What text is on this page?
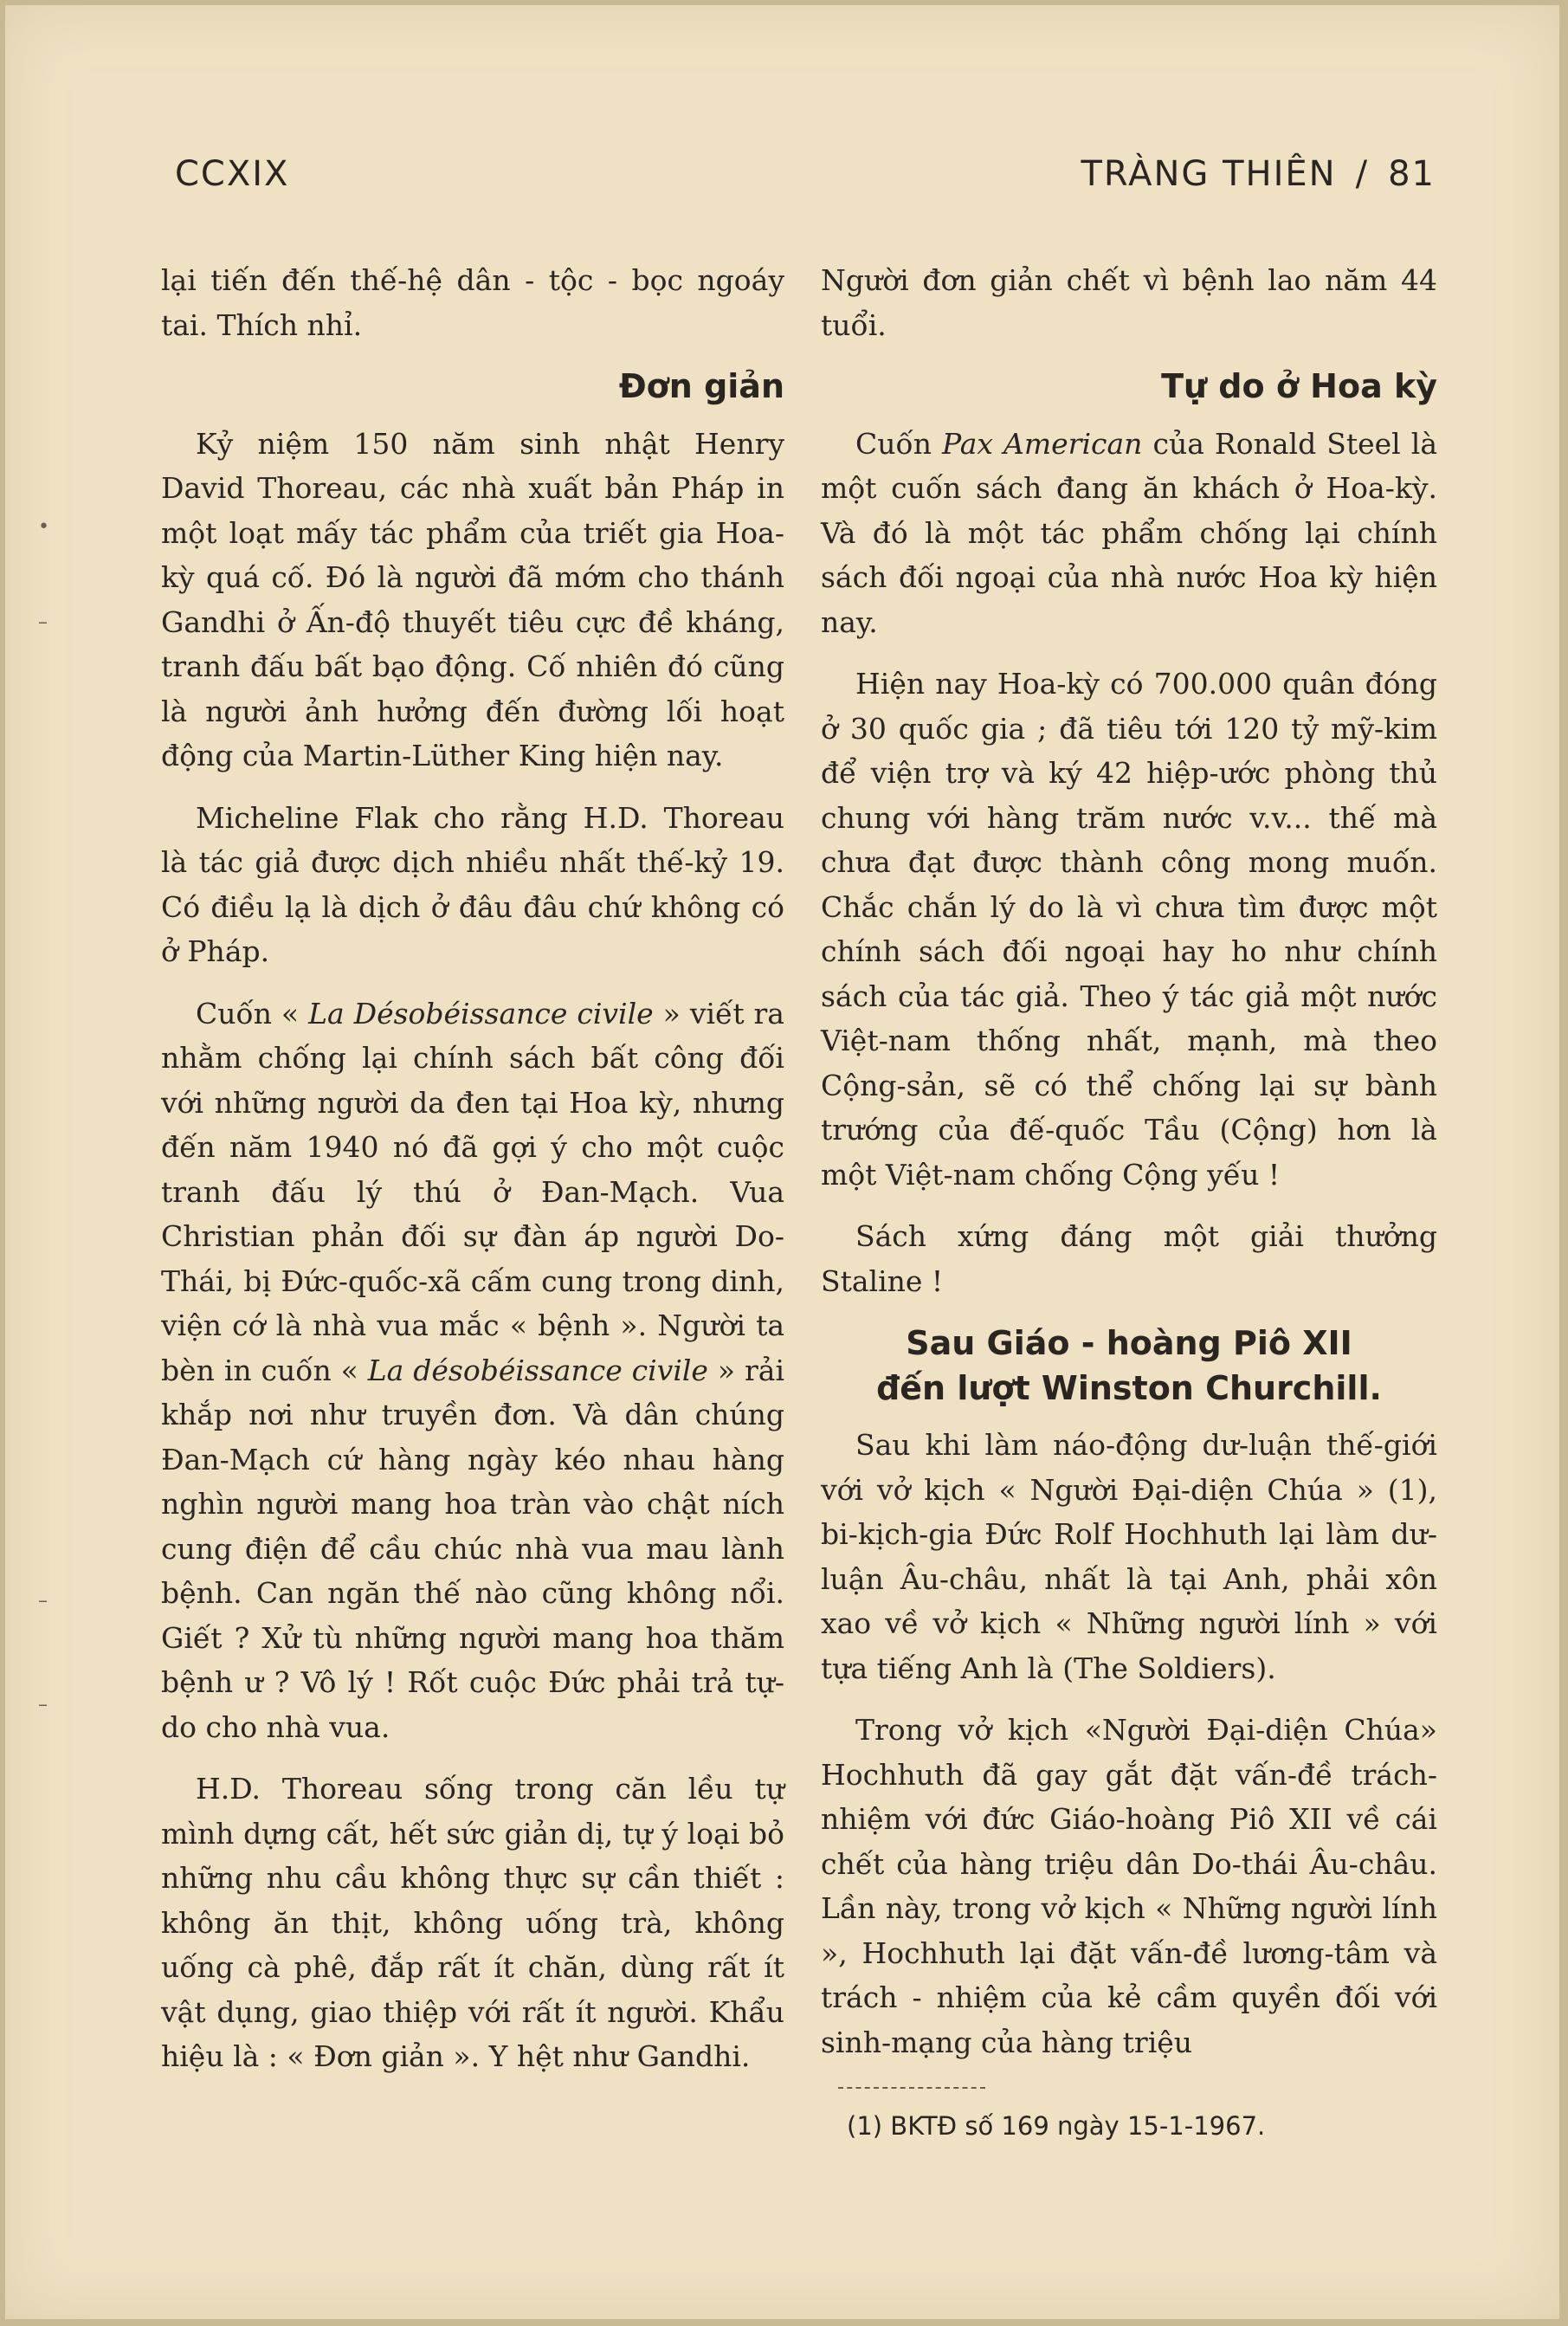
•
–
–
–
CCXIX	TRÀNG THIÊN / 81

lại tiến đến thế-hệ dân - tộc - bọc ngoáy tai. Thích nhỉ.

Đơn giản

Kỷ niệm 150 năm sinh nhật Henry David Thoreau, các nhà xuất bản Pháp in một loạt mấy tác phẩm của triết gia Hoa-kỳ quá cố. Đó là người đã mớm cho thánh Gandhi ở Ấn-độ thuyết tiêu cực đề kháng, tranh đấu bất bạo động. Cố nhiên đó cũng là người ảnh hưởng đến đường lối hoạt động của Martin-Lüther King hiện nay.

Micheline Flak cho rằng H.D. Thoreau là tác giả được dịch nhiều nhất thế-kỷ 19. Có điều lạ là dịch ở đâu đâu chứ không có ở Pháp.

Cuốn « La Désobéissance civile » viết ra nhằm chống lại chính sách bất công đối với những người da đen tại Hoa kỳ, nhưng đến năm 1940 nó đã gợi ý cho một cuộc tranh đấu lý thú ở Đan-Mạch. Vua Christian phản đối sự đàn áp người Do-Thái, bị Đức-quốc-xã cấm cung trong dinh, viện cớ là nhà vua mắc « bệnh ». Người ta bèn in cuốn « La désobéissance civile » rải khắp nơi như truyền đơn. Và dân chúng Đan-Mạch cứ hàng ngày kéo nhau hàng nghìn người mang hoa tràn vào chật ních cung điện để cầu chúc nhà vua mau lành bệnh. Can ngăn thế nào cũng không nổi. Giết ? Xử tù những người mang hoa thăm bệnh ư ? Vô lý ! Rốt cuộc Đức phải trả tự-do cho nhà vua.

H.D. Thoreau sống trong căn lều tự mình dựng cất, hết sức giản dị, tự ý loại bỏ những nhu cầu không thực sự cần thiết : không ăn thịt, không uống trà, không uống cà phê, đắp rất ít chăn, dùng rất ít vật dụng, giao thiệp với rất ít người. Khẩu hiệu là : « Đơn giản ». Y hệt như Gandhi.

Người đơn giản chết vì bệnh lao năm 44 tuổi.

Tự do ở Hoa kỳ

Cuốn Pax American của Ronald Steel là một cuốn sách đang ăn khách ở Hoa-kỳ. Và đó là một tác phẩm chống lại chính sách đối ngoại của nhà nước Hoa kỳ hiện nay.

Hiện nay Hoa-kỳ có 700.000 quân đóng ở 30 quốc gia ; đã tiêu tới 120 tỷ mỹ-kim để viện trợ và ký 42 hiệp-ước phòng thủ chung với hàng trăm nước v.v... thế mà chưa đạt được thành công mong muốn. Chắc chắn lý do là vì chưa tìm được một chính sách đối ngoại hay ho như chính sách của tác giả. Theo ý tác giả một nước Việt-nam thống nhất, mạnh, mà theo Cộng-sản, sẽ có thể chống lại sự bành trướng của đế-quốc Tầu (Cộng) hơn là một Việt-nam chống Cộng yếu !

Sách xứng đáng một giải thưởng Staline !

Sau Giáo - hoàng Piô XII
đến lượt Winston Churchill.

Sau khi làm náo-động dư-luận thế-giới với vở kịch « Người Đại-diện Chúa » (1), bi-kịch-gia Đức Rolf Hochhuth lại làm dư-luận Âu-châu, nhất là tại Anh, phải xôn xao về vở kịch « Những người lính » với tựa tiếng Anh là (The Soldiers).

Trong vở kịch «Người Đại-diện Chúa» Hochhuth đã gay gắt đặt vấn-đề trách-nhiệm với đức Giáo-hoàng Piô XII về cái chết của hàng triệu dân Do-thái Âu-châu. Lần này, trong vở kịch « Những người lính », Hochhuth lại đặt vấn-đề lương-tâm và trách - nhiệm của kẻ cầm quyền đối với sinh-mạng của hàng triệu

(1) BKTĐ số 169 ngày 15-1-1967.
